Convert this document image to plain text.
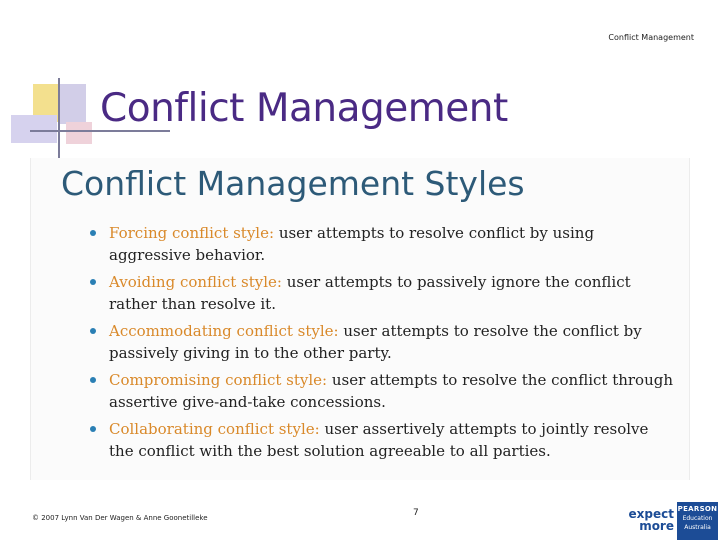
Conflict Management
Conflict Management
Conflict Management Styles
Forcing conflict style: user attempts to resolve conflict by using aggressive behavior.
Avoiding conflict style: user attempts to passively ignore the conflict rather than resolve it.
Accommodating conflict style: user attempts to resolve the conflict by passively giving in to the other party.
Compromising conflict style: user attempts to resolve the conflict through assertive give-and-take concessions.
Collaborating conflict style: user assertively attempts to jointly resolve the conflict with the best solution agreeable to all parties.
© 2007 Lynn Van Der Wagen & Anne Goonetilleke	7	expect
more
PEARSON
Education
Australia
